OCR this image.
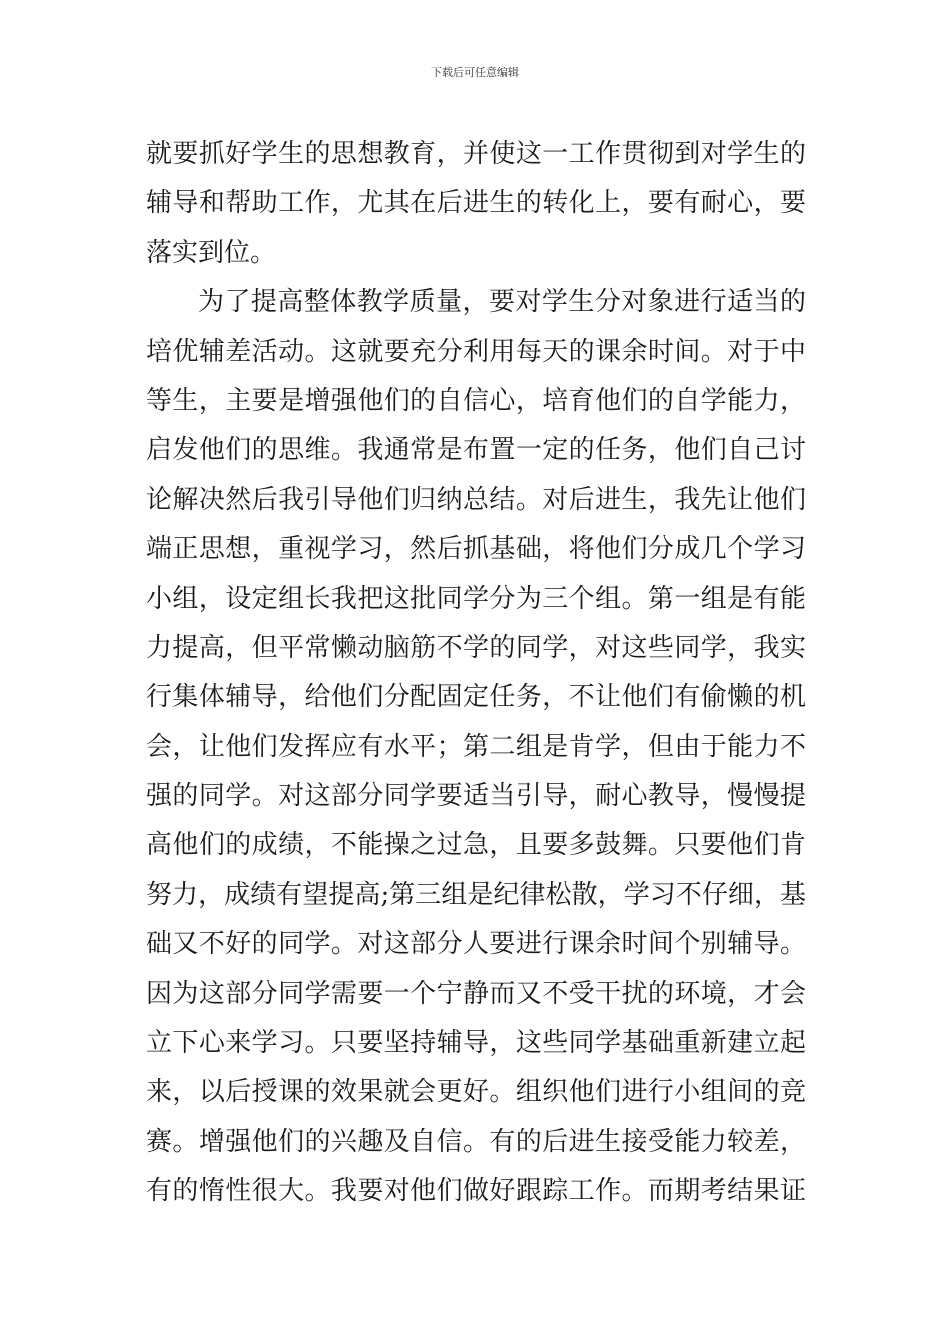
下载后可任意编辑
就要抓好学生的思想教育，并使这一工作贯彻到对学生的
辅导和帮助工作，尤其在后进生的转化上，要有耐心，要
落实到位。
为了提高整体教学质量，要对学生分对象进行适当的
培优辅差活动。这就要充分利用每天的课余时间。对于中
等生，主要是增强他们的自信心，培育他们的自学能力，
启发他们的思维。我通常是布置一定的任务，他们自己讨
论解决然后我引导他们归纳总结。对后进生，我先让他们
端正思想，重视学习，然后抓基础，将他们分成几个学习
小组，设定组长我把这批同学分为三个组。第一组是有能
力提高，但平常懒动脑筋不学的同学，对这些同学，我实
行集体辅导，给他们分配固定任务，不让他们有偷懒的机
会，让他们发挥应有水平；第二组是肯学，但由于能力不
强的同学。对这部分同学要适当引导，耐心教导，慢慢提
高他们的成绩，不能操之过急，且要多鼓舞。只要他们肯
努力，成绩有望提高;第三组是纪律松散，学习不仔细，基
础又不好的同学。对这部分人要进行课余时间个别辅导。
因为这部分同学需要一个宁静而又不受干扰的环境，才会
立下心来学习。只要坚持辅导，这些同学基础重新建立起
来，以后授课的效果就会更好。组织他们进行小组间的竞
赛。增强他们的兴趣及自信。有的后进生接受能力较差，
有的惰性很大。我要对他们做好跟踪工作。而期考结果证
